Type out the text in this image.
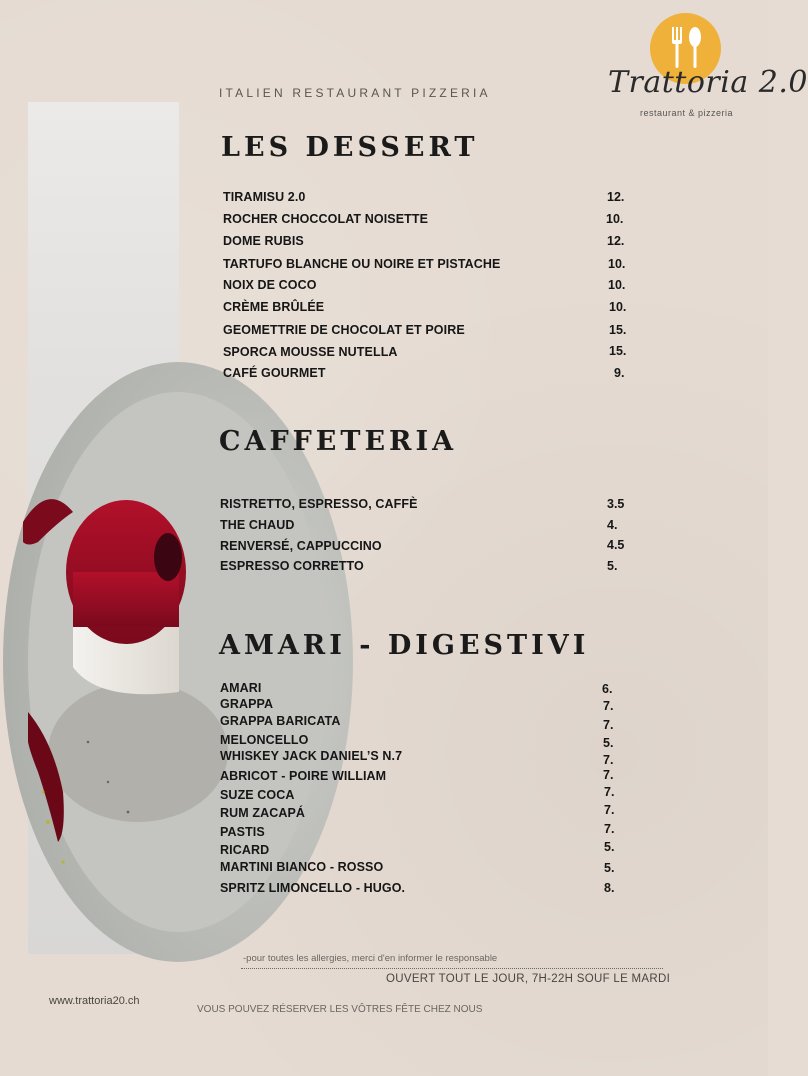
ITALIEN RESTAURANT PIZZERIA	Trattoria 2.0
restaurant & pizzeria
LES DESSERT
TIRAMISU 2.0	12.
ROCHER CHOCCOLAT NOISETTE	10.
DOME RUBIS	12.
TARTUFO BLANCHE OU NOIRE ET PISTACHE	10.
NOIX DE COCO	10.
CRÈME BRÛLÉE	10.
GEOMETTRIE DE CHOCOLAT ET POIRE	15.
SPORCA MOUSSE NUTELLA	15.
CAFÉ GOURMET	9.
CAFFETERIA
RISTRETTO, ESPRESSO, CAFFÈ	3.5
THE CHAUD	4.
RENVERSÉ, CAPPUCCINO	4.5
ESPRESSO CORRETTO	5.
AMARI - DIGESTIVI
AMARI	6.
GRAPPA	7.
GRAPPA BARICATA	7.
MELONCELLO	5.
WHISKEY JACK DANIEL’S N.7	7.
ABRICOT - POIRE WILLIAM	7.
SUZE COCA	7.
RUM ZACAPÁ	7.
PASTIS	7.
RICARD	5.
MARTINI BIANCO - ROSSO	5.
SPRITZ LIMONCELLO - HUGO.	8.
-pour toutes les allergies, merci d'en informer le responsable
OUVERT TOUT LE JOUR, 7H-22H SOUF LE MARDI
www.trattoria20.ch
VOUS POUVEZ RÉSERVER LES VÔTRES FÊTE CHEZ NOUS
